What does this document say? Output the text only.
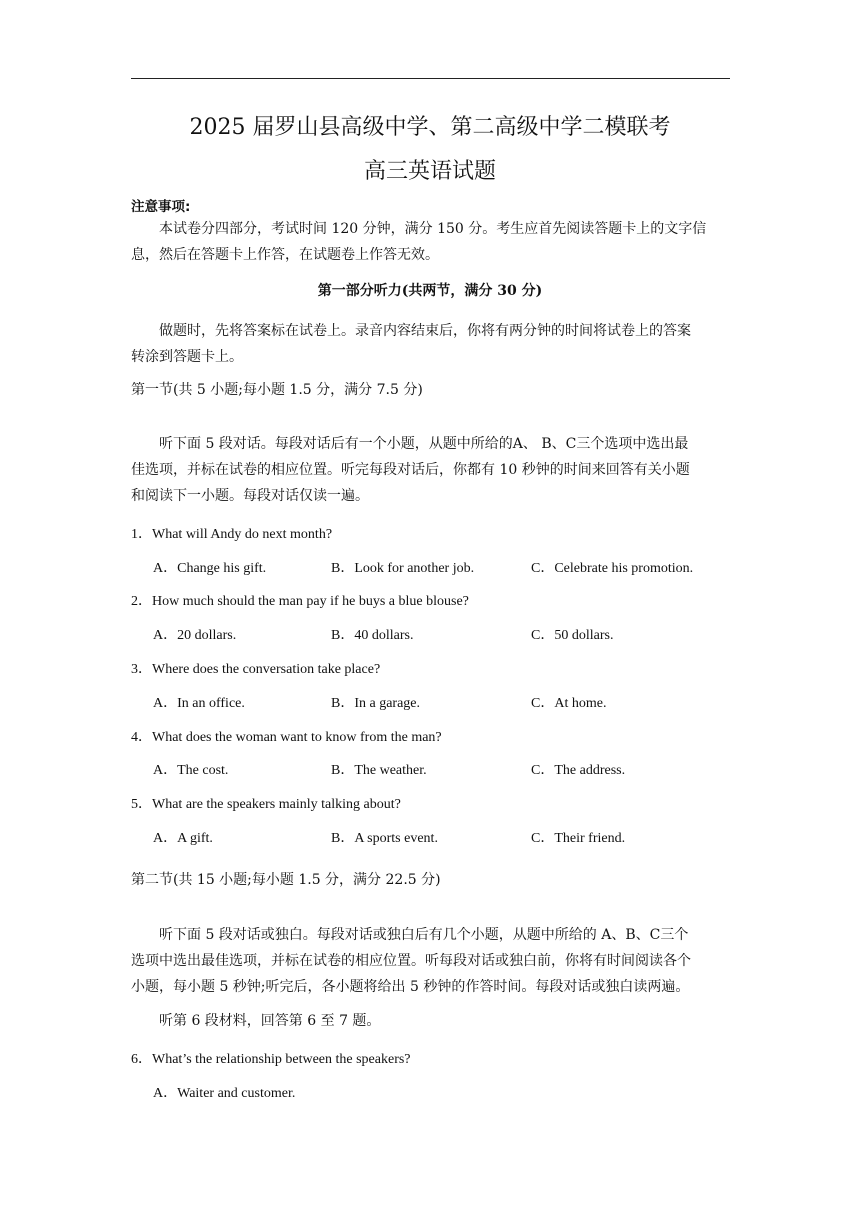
2025 届罗山县高级中学、第二高级中学二模联考
高三英语试题
注意事项:
本试卷分四部分，考试时间 120 分钟，满分 150 分。考生应首先阅读答题卡上的文字信
息，然后在答题卡上作答，在试题卷上作答无效。
第一部分听力(共两节，满分 30 分)
做题时，先将答案标在试卷上。录音内容结束后，你将有两分钟的时间将试卷上的答案
转涂到答题卡上。
第一节(共 5 小题;每小题 1.5 分，满分 7.5 分)
听下面 5 段对话。每段对话后有一个小题，从题中所给的A、 B、C三个选项中选出最
佳选项，并标在试卷的相应位置。听完每段对话后，你都有 10 秒钟的时间来回答有关小题
和阅读下一小题。每段对话仅读一遍。
1．What will Andy do next month?
A．Change his gift.	B．Look for another job.	C．Celebrate his promotion.
2．How much should the man pay if he buys a blue blouse?
A．20 dollars.	B．40 dollars.	C．50 dollars.
3．Where does the conversation take place?
A．In an office.	B．In a garage.	C．At home.
4．What does the woman want to know from the man?
A．The cost.	B．The weather.	C．The address.
5．What are the speakers mainly talking about?
A．A gift.	B．A sports event.	C．Their friend.
第二节(共 15 小题;每小题 1.5 分，满分 22.5 分)
听下面 5 段对话或独白。每段对话或独白后有几个小题，从题中所给的 A、B、C三个
选项中选出最佳选项，并标在试卷的相应位置。听每段对话或独白前，你将有时间阅读各个
小题，每小题 5 秒钟;听完后，各小题将给出 5 秒钟的作答时间。每段对话或独白读两遍。
听第 6 段材料，回答第 6 至 7 题。
6．What’s the relationship between the speakers?
A．Waiter and customer.
